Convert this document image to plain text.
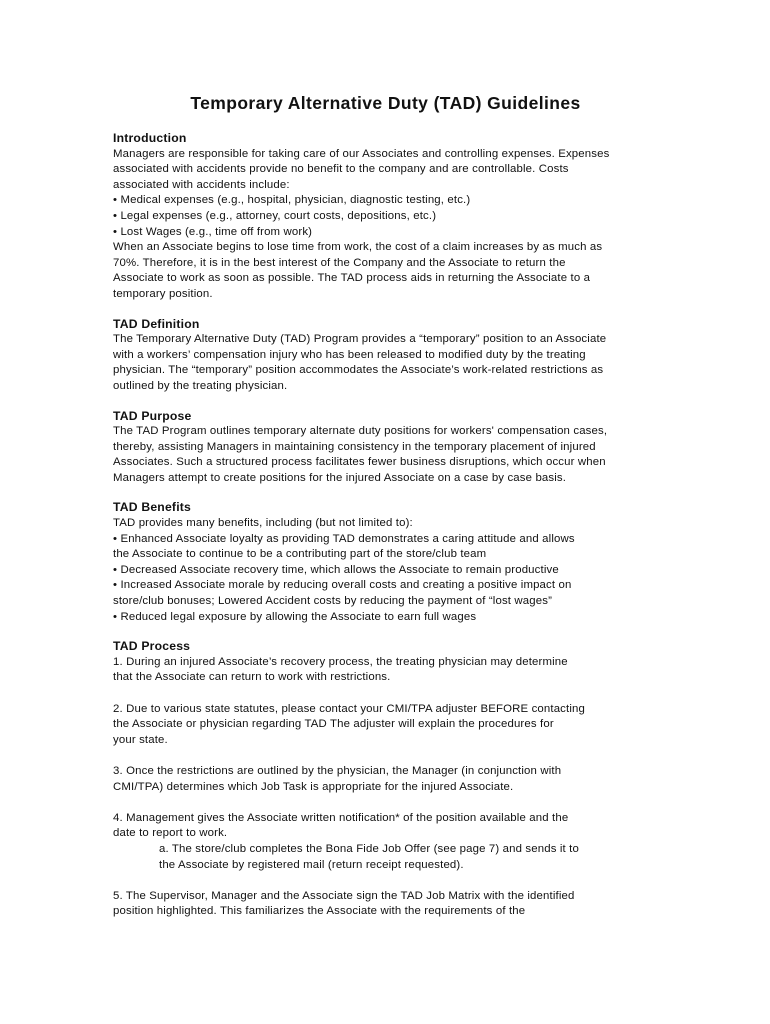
Temporary Alternative Duty (TAD) Guidelines
Introduction

Managers are responsible for taking care of our Associates and controlling expenses. Expenses

associated with accidents provide no benefit to the company and are controllable. Costs

associated with accidents include:

• Medical expenses (e.g., hospital, physician, diagnostic testing, etc.)

• Legal expenses (e.g., attorney, court costs, depositions, etc.)

• Lost Wages (e.g., time off from work)

When an Associate begins to lose time from work, the cost of a claim increases by as much as

70%. Therefore, it is in the best interest of the Company and the Associate to return the

Associate to work as soon as possible. The TAD process aids in returning the Associate to a

temporary position.

TAD Definition

The Temporary Alternative Duty (TAD) Program provides a “temporary” position to an Associate

with a workers’ compensation injury who has been released to modified duty by the treating

physician. The “temporary” position accommodates the Associate’s work-related restrictions as

outlined by the treating physician.

TAD Purpose

The TAD Program outlines temporary alternate duty positions for workers' compensation cases,

thereby, assisting Managers in maintaining consistency in the temporary placement of injured

Associates. Such a structured process facilitates fewer business disruptions, which occur when

Managers attempt to create positions for the injured Associate on a case by case basis.

TAD Benefits

TAD provides many benefits, including (but not limited to):

• Enhanced Associate loyalty as providing TAD demonstrates a caring attitude and allows

the Associate to continue to be a contributing part of the store/club team

• Decreased Associate recovery time, which allows the Associate to remain productive

• Increased Associate morale by reducing overall costs and creating a positive impact on

store/club bonuses; Lowered Accident costs by reducing the payment of “lost wages”

• Reduced legal exposure by allowing the Associate to earn full wages

TAD Process

1. During an injured Associate’s recovery process, the treating physician may determine

that the Associate can return to work with restrictions.

2. Due to various state statutes, please contact your CMI/TPA adjuster BEFORE contacting

the Associate or physician regarding TAD The adjuster will explain the procedures for

your state.

3. Once the restrictions are outlined by the physician, the Manager (in conjunction with

CMI/TPA) determines which Job Task is appropriate for the injured Associate.

4. Management gives the Associate written notification* of the position available and the

date to report to work.

a. The store/club completes the Bona Fide Job Offer (see page 7) and sends it to

the Associate by registered mail (return receipt requested).

5. The Supervisor, Manager and the Associate sign the TAD Job Matrix with the identified

position highlighted. This familiarizes the Associate with the requirements of the
